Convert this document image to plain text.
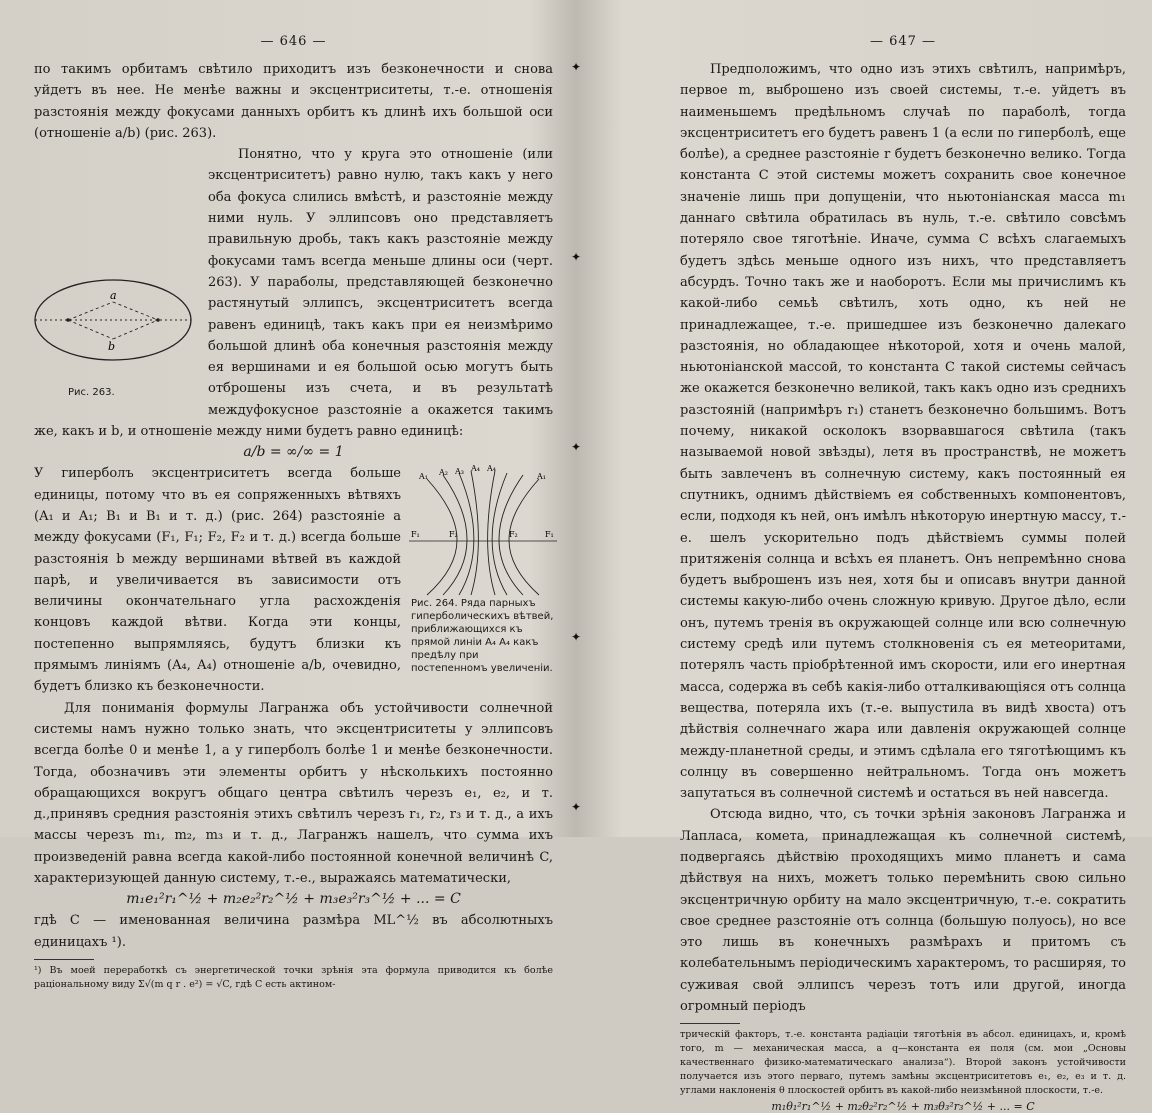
— 646 —

по такимъ орбитамъ свѣтило приходитъ изъ безконечности и снова уйдетъ въ нее. Не менѣе важны и эксцентриситеты, т.-е. отношенія разстоянія между фокусами данныхъ орбитъ къ длинѣ ихъ большой оси (отношеніе a/b) (рис. 263).

a
b
Рис. 263.

Понятно, что у круга это отношеніе (или эксцентриситетъ) равно нулю, такъ какъ у него оба фокуса слились вмѣстѣ, и разстояніе между ними нуль. У эллипсовъ оно представляетъ правильную дробь, такъ какъ разстояніе между фокусами тамъ всегда меньше длины оси (черт. 263). У параболы, представляющей безконечно растянутый эллипсъ, эксцентриситетъ всегда равенъ единицѣ, такъ какъ при ея неизмѣримо большой длинѣ оба конечныя разстоянія между ея вершинами и ея большой осью могутъ быть отброшены изъ счета, и въ результатѣ междуфокусное разстояніе a окажется такимъ же, какъ и b, и отношеніе между ними будетъ равно единицѣ:

a/b = ∞/∞ = 1
A₄ A₄
A₁ A₂ A₃
A₁
F₁	F₂	F₂	F₁
Рис. 264. Ряда парныхъ гиперболическихъ вѣтвей, приближающихся къ прямой линіи A₄ A₄ какъ предѣлу при постепенномъ увеличеніи.

У гиперболъ эксцентриситетъ всегда больше единицы, потому что въ ея сопряженныхъ вѣтвяхъ (A₁ и A₁; B₁ и B₁ и т. д.) (рис. 264) разстояніе a между фокусами (F₁, F₁; F₂, F₂ и т. д.) всегда больше разстоянія b между вершинами вѣтвей въ каждой парѣ, и увеличивается въ зависимости отъ величины окончательнаго угла расхожденія концовъ каждой вѣтви. Когда эти концы, постепенно выпрямляясь, будутъ близки къ прямымъ линіямъ (A₄, A₄) отношеніе a/b, очевидно, будетъ близко къ безконечности.

Для пониманія формулы Лагранжа объ устойчивости солнечной системы намъ нужно только знать, что эксцентриситеты у эллипсовъ всегда болѣе 0 и менѣе 1, а у гиперболъ болѣе 1 и менѣе безконечности. Тогда, обозначивъ эти элементы орбитъ у нѣсколькихъ постоянно обращающихся вокругъ общаго центра свѣтилъ черезъ e₁, e₂, и т. д.,принявъ средния разстоянія этихъ свѣтилъ черезъ r₁, r₂, r₃ и т. д., а ихъ массы черезъ m₁, m₂, m₃ и т. д., Лагранжъ нашелъ, что сумма ихъ произведеній равна всегда какой-либо постоянной конечной величинѣ C, характеризующей данную систему, т.-е., выражаясь математически,

m₁e₁²r₁^½ + m₂e₂²r₂^½ + m₃e₃²r₃^½ + ... = C

гдѣ C — именованная величина размѣра ML^½ въ абсолютныхъ единицахъ ¹).

¹) Въ моей переработкѣ съ энергетической точки зрѣнія эта формула приводится къ болѣе раціональному виду Σ√(m q r . e²) = √C, гдѣ C есть актином-

✦
✦
✦
✦
✦
— 647 —

Предположимъ, что одно изъ этихъ свѣтилъ, напримѣръ, первое m, выброшено изъ своей системы, т.-е. уйдетъ въ наименьшемъ предѣльномъ случаѣ по параболѣ, тогда эксцентриситетъ его будетъ равенъ 1 (а если по гиперболѣ, еще болѣе), а среднее разстояніе r будетъ безконечно велико. Тогда константа C этой системы можетъ сохранить свое конечное значеніе лишь при допущеніи, что ньютоніанская масса m₁ даннаго свѣтила обратилась въ нуль, т.-е. свѣтило совсѣмъ потеряло свое тяготѣніе. Иначе, сумма C всѣхъ слагаемыхъ будетъ здѣсь меньше одного изъ нихъ, что представляетъ абсурдъ. Точно такъ же и наоборотъ. Если мы причислимъ къ какой-либо семьѣ свѣтилъ, хоть одно, къ ней не принадлежащее, т.-е. пришедшее изъ безконечно далекаго разстоянія, но обладающее нѣкоторой, хотя и очень малой, ньютоніанской массой, то константа C такой системы сейчасъ же окажется безконечно великой, такъ какъ одно изъ среднихъ разстояній (напримѣръ r₁) станетъ безконечно большимъ. Вотъ почему, никакой осколокъ взорвавшагося свѣтила (такъ называемой новой звѣзды), летя въ пространствѣ, не можетъ быть завлеченъ въ солнечную систему, какъ постоянный ея спутникъ, однимъ дѣйствіемъ ея собственныхъ компонентовъ, если, подходя къ ней, онъ имѣлъ нѣкоторую инертную массу, т.-е. шелъ ускорительно подъ дѣйствіемъ суммы полей притяженія солнца и всѣхъ ея планетъ. Онъ непремѣнно снова будетъ выброшенъ изъ нея, хотя бы и описавъ внутри данной системы какую-либо очень сложную кривую. Другое дѣло, если онъ, путемъ тренія въ окружающей солнце или всю солнечную систему средѣ или путемъ столкновенія съ ея метеоритами, потерялъ часть пріобрѣтенной имъ скорости, или его инертная масса, содержа въ себѣ какія-либо отталкивающіяся отъ солнца вещества, потеряла ихъ (т.-е. выпустила въ видѣ хвоста) отъ дѣйствія солнечнаго жара или давленія окружающей солнце между-планетной среды, и этимъ сдѣлала его тяготѣющимъ къ солнцу въ совершенно нейтральномъ. Тогда онъ можетъ запутаться въ солнечной системѣ и остаться въ ней навсегда.

Отсюда видно, что, съ точки зрѣнія законовъ Лагранжа и Лапласа, комета, принадлежащая къ солнечной системѣ, подвергаясь дѣйствію проходящихъ мимо планетъ и сама дѣйствуя на нихъ, можетъ только перемѣнить свою сильно эксцентричную орбиту на мало эксцентричную, т.-е. сократить свое среднее разстояніе отъ солнца (большую полуось), но все это лишь въ конечныхъ размѣрахъ и притомъ съ колебательнымъ періодическимъ характеромъ, то расширяя, то суживая свой эллипсъ черезъ тотъ или другой, иногда огромный періодъ

трическій факторъ, т.-е. константа радіаціи тяготѣнія въ абсол. единицахъ, и, кромѣ того, m — механическая масса, а q—константа ея поля (см. мои „Основы качественнаго физико-математическаго анализа“). Второй законъ устойчивости получается изъ этого перваго, путемъ замѣны эксцентриситетовъ e₁, e₂, e₃ и т. д. углами наклоненія θ плоскостей орбитъ въ какой-либо неизмѣнной плоскости, т.-е.

m₁θ₁²r₁^½ + m₂θ₂²r₂^½ + m₃θ₃²r₃^½ + ... = C
